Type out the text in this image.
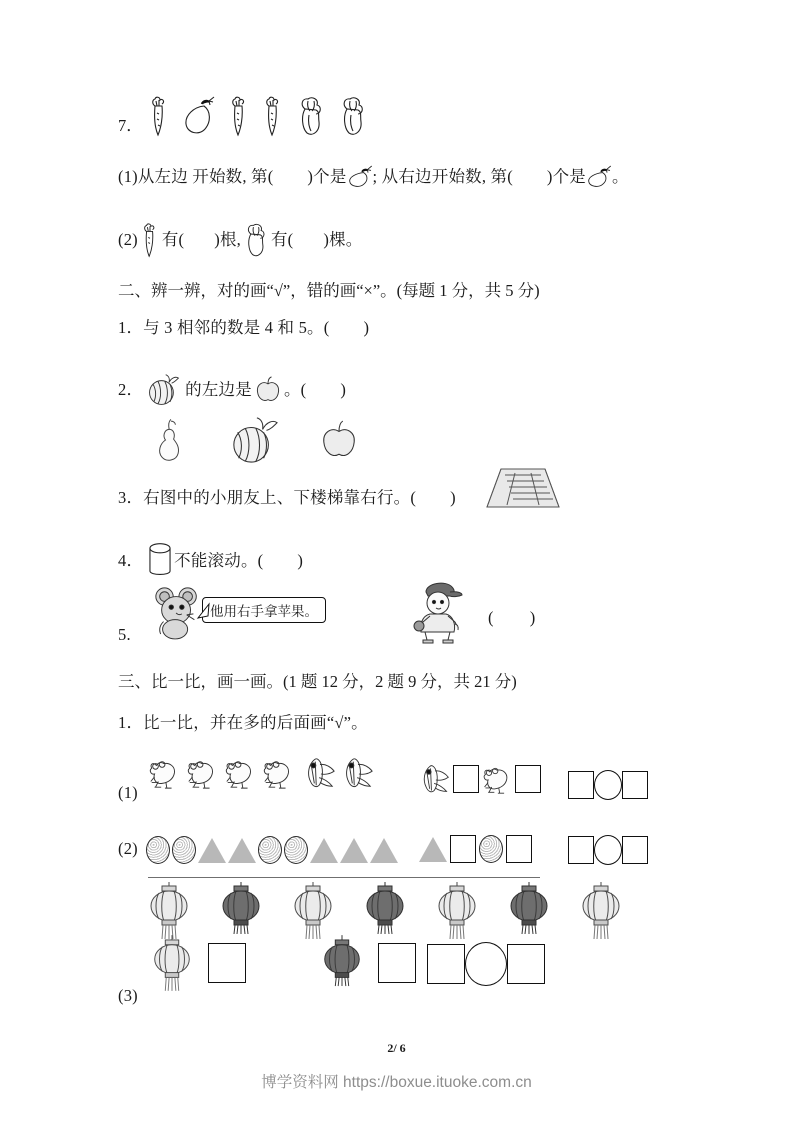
7．
(1) 从左边 开始数, 第( )个是 ; 从右边开始数, 第( )个是 。
(2) 有( )根, 有( )棵。
二、辨一辨，对的画“√”，错的画“×”。(每题 1 分，共 5 分)
1． 与 3 相邻的数是 4 和 5。( )
2．	的左边是 。( )
3． 右图中的小朋友上、下楼梯靠右行。( )
4． 不能滚动。( )
5.
他用右手拿苹果。	( )
三、比一比，画一画。(1 题 12 分，2 题 9 分，共 21 分)
1． 比一比，并在多的后面画“√”。
(1)
(2)
(3)
2/ 6
博学资料网 https://boxue.ituoke.com.cn
